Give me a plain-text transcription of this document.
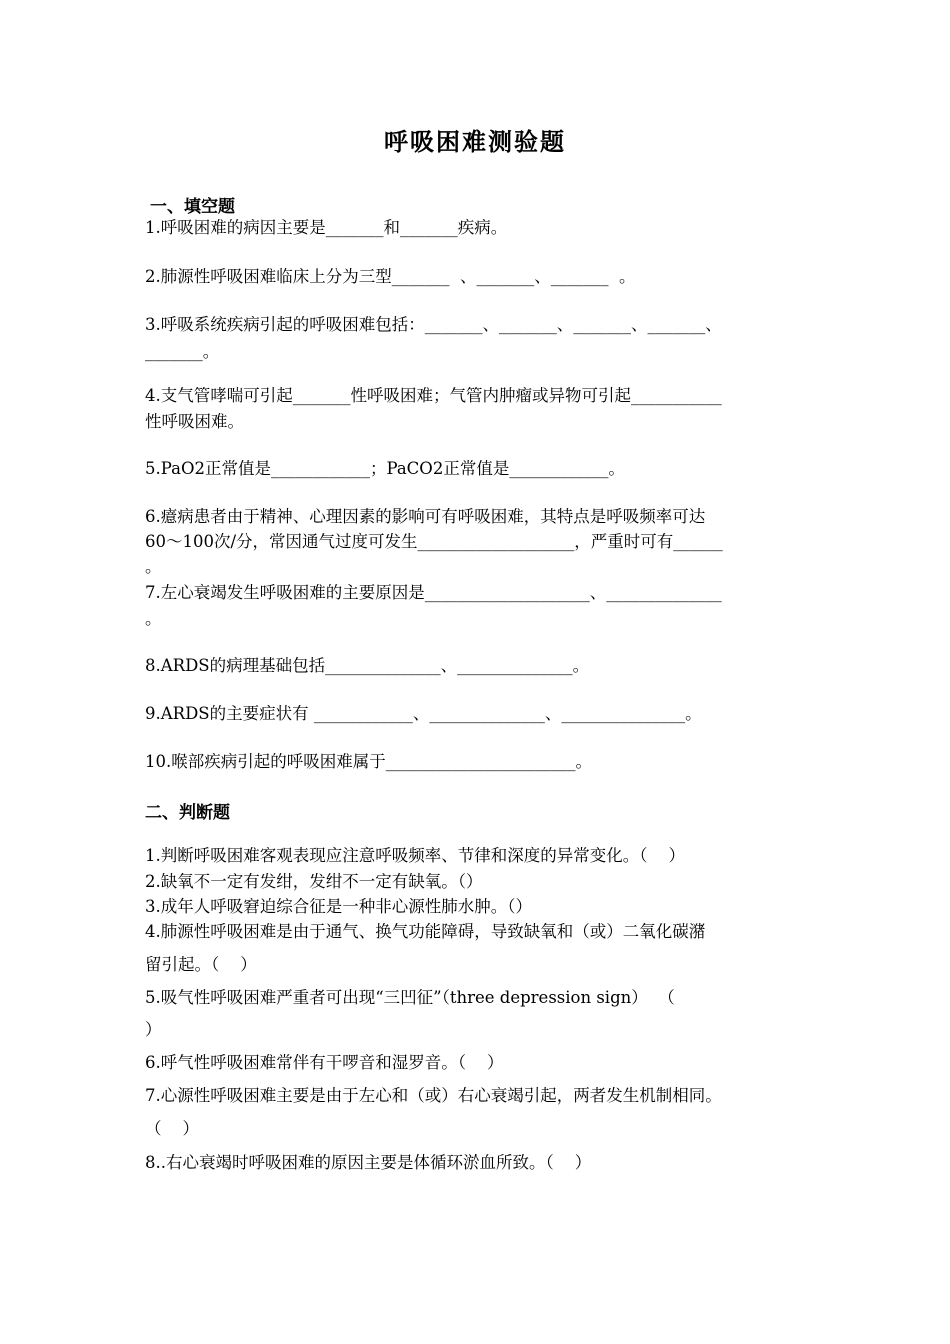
呼吸困难测验题
一、填空题
1.呼吸困难的病因主要是_______和_______疾病。
2.肺源性呼吸困难临床上分为三型_______  、_______、_______  。
3.呼吸系统疾病引起的呼吸困难包括：_______、_______、_______、_______、
_______。
4.支气管哮喘可引起_______性呼吸困难；气管内肿瘤或异物可引起___________
性呼吸困难。
5.PaO2正常值是____________；PaCO2正常值是____________。
6.癔病患者由于精神、心理因素的影响可有呼吸困难，其特点是呼吸频率可达
60～100次/分，常因通气过度可发生___________________，严重时可有______
。
7.左心衰竭发生呼吸困难的主要原因是____________________、______________
。
8.ARDS的病理基础包括______________、______________。
9.ARDS的主要症状有 ____________、______________、_______________。
10.喉部疾病引起的呼吸困难属于_______________________。
二、判断题
1.判断呼吸困难客观表现应注意呼吸频率、节律和深度的异常变化。（    ）
2.缺氧不一定有发绀，发绀不一定有缺氧。（）
3.成年人呼吸窘迫综合征是一种非心源性肺水肿。（）
4.肺源性呼吸困难是由于通气、换气功能障碍，导致缺氧和（或）二氧化碳潴
留引起。（    ）
5.吸气性呼吸困难严重者可出现“三凹征”（three depression sign）  （
）
6.呼气性呼吸困难常伴有干啰音和湿罗音。（    ）
7.心源性呼吸困难主要是由于左心和（或）右心衰竭引起，两者发生机制相同。
（    ）
8..右心衰竭时呼吸困难的原因主要是体循环淤血所致。（    ）
